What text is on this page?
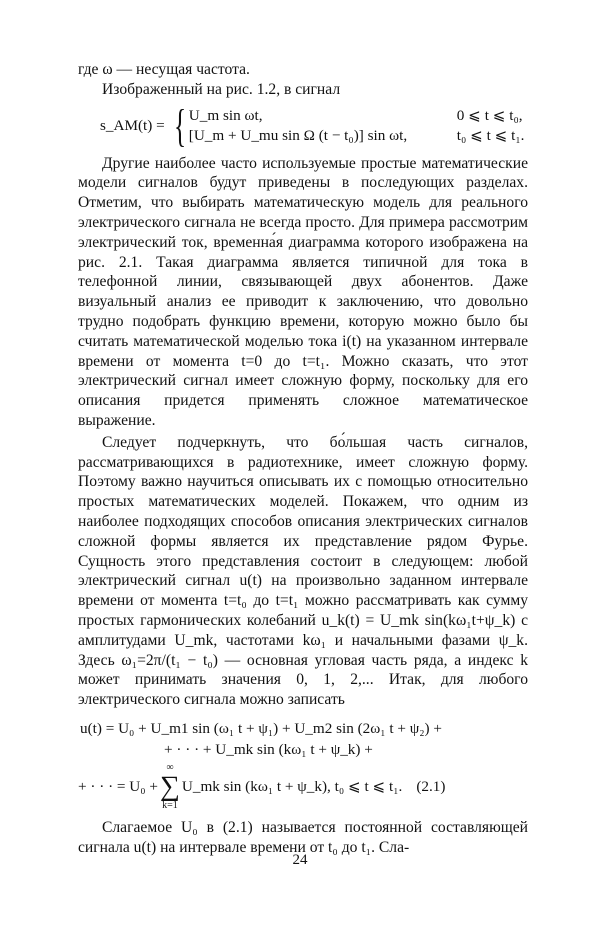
где ω — несущая частота.

Изображенный на рис. 1.2, в сигнал

s_AM(t) = { U_m sin ωt,	0 ⩽ t ⩽ t₀,
[U_m + U_mu sin Ω (t − t₀)] sin ωt,	t₀ ⩽ t ⩽ t₁.

Другие наиболее часто используемые простые математические модели сигналов будут приведены в последующих разделах. Отметим, что выбирать математическую модель для реального электрического сигнала не всегда просто. Для примера рассмотрим электрический ток, временна́я диаграмма которого изображена на рис. 2.1. Такая диаграмма является типичной для тока в телефонной линии, связывающей двух абонентов. Даже визуальный анализ ее приводит к заключению, что довольно трудно подобрать функцию времени, которую можно было бы считать математической моделью тока i(t) на указанном интервале времени от момента t=0 до t=t₁. Можно сказать, что этот электрический сигнал имеет сложную форму, поскольку для его описания придется применять сложное математическое выражение.

Следует подчеркнуть, что бо́льшая часть сигналов, рассматривающихся в радиотехнике, имеет сложную форму. Поэтому важно научиться описывать их с помощью относительно простых математических моделей. Покажем, что одним из наиболее подходящих способов описания электрических сигналов сложной формы является их представление рядом Фурье. Сущность этого представления состоит в следующем: любой электрический сигнал u(t) на произвольно заданном интервале времени от момента t=t₀ до t=t₁ можно рассматривать как сумму простых гармонических колебаний u_k(t) = U_mk sin(kω₁t+ψ_k) с амплитудами U_mk, частотами kω₁ и начальными фазами ψ_k. Здесь ω₁=2π/(t₁ − t₀) — основная угловая часть ряда, а индекс k может принимать значения 0, 1, 2,... Итак, для любого электрического сигнала можно записать

u(t) = U₀ + U_m1 sin (ω₁ t + ψ₁) + U_m2 sin (2ω₁ t + ψ₂) +
+ · · · + U_mk sin (kω₁ t + ψ_k) +
+ · · · = U₀ +
∞
∑
k=1
U_mk sin (kω₁ t + ψ_k), t₀ ⩽ t ⩽ t₁. (2.1)

Слагаемое U₀ в (2.1) называется постоянной составляющей сигнала u(t) на интервале времени от t₀ до t₁. Сла-

24
